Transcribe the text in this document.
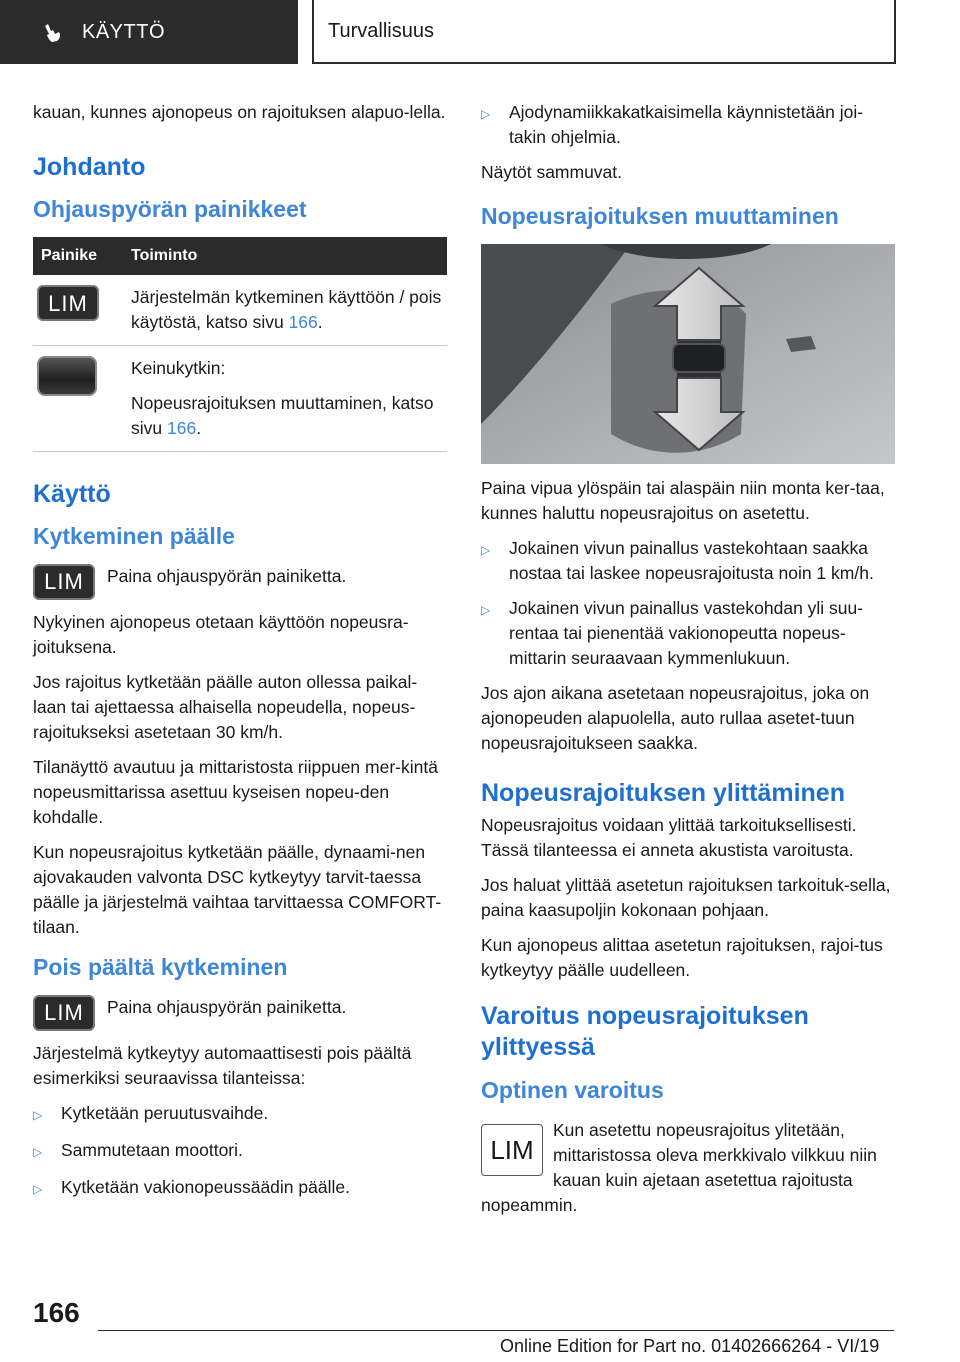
KÄYTTÖ	Turvallisuus

kauan, kunnes ajonopeus on rajoituksen alapuo-lella.

Johdanto
Ohjauspyörän painikkeet
Painike	Toiminto

LIM	Järjestelmän kytkeminen käyttöön / pois käytöstä, katso sivu 166.

	Keinukytkin:

Nopeusrajoituksen muuttaminen, katso sivu 166.
Käyttö
Kytkeminen päälle
LIM	Paina ohjauspyörän painiketta.

Nykyinen ajonopeus otetaan käyttöön nopeusra-joituksena.

Jos rajoitus kytketään päälle auton ollessa paikal-laan tai ajettaessa alhaisella nopeudella, nopeus-rajoitukseksi asetetaan 30 km/h.

Tilanäyttö avautuu ja mittaristosta riippuen mer-kintä nopeusmittarissa asettuu kyseisen nopeu-den kohdalle.

Kun nopeusrajoitus kytketään päälle, dynaami-nen ajovakauden valvonta DSC kytkeytyy tarvit-taessa päälle ja järjestelmä vaihtaa tarvittaessa COMFORT-tilaan.

Pois päältä kytkeminen
LIM	Paina ohjauspyörän painiketta.

Järjestelmä kytkeytyy automaattisesti pois päältä esimerkiksi seuraavissa tilanteissa:

▷	Kytketään peruutusvaihde.
▷	Sammutetaan moottori.
▷	Kytketään vakionopeussäädin päälle.
▷	Ajodynamiikkakatkaisimella käynnistetään joi-takin ohjelmia.

Näytöt sammuvat.

Nopeusrajoituksen muuttaminen

Paina vipua ylöspäin tai alaspäin niin monta ker-taa, kunnes haluttu nopeusrajoitus on asetettu.

▷	Jokainen vivun painallus vastekohtaan saakka nostaa tai laskee nopeusrajoitusta noin 1 km/h.
▷	Jokainen vivun painallus vastekohdan yli suu-rentaa tai pienentää vakionopeutta nopeus-mittarin seuraavaan kymmenlukuun.

Jos ajon aikana asetetaan nopeusrajoitus, joka on ajonopeuden alapuolella, auto rullaa asetet-tuun nopeusrajoitukseen saakka.

Nopeusrajoituksen ylittäminen

Nopeusrajoitus voidaan ylittää tarkoituksellisesti. Tässä tilanteessa ei anneta akustista varoitusta.

Jos haluat ylittää asetetun rajoituksen tarkoituk-sella, paina kaasupoljin kokonaan pohjaan.

Kun ajonopeus alittaa asetetun rajoituksen, rajoi-tus kytkeytyy päälle uudelleen.

Varoitus nopeusrajoituksen ylittyessä
Optinen varoitus

LIM
Kun asetettu nopeusrajoitus ylitetään, mittaristossa oleva merkkivalo vilkkuu niin kauan kuin ajetaan asetettua rajoitusta nopeammin.

166
Online Edition for Part no. 01402666264 - VI/19
